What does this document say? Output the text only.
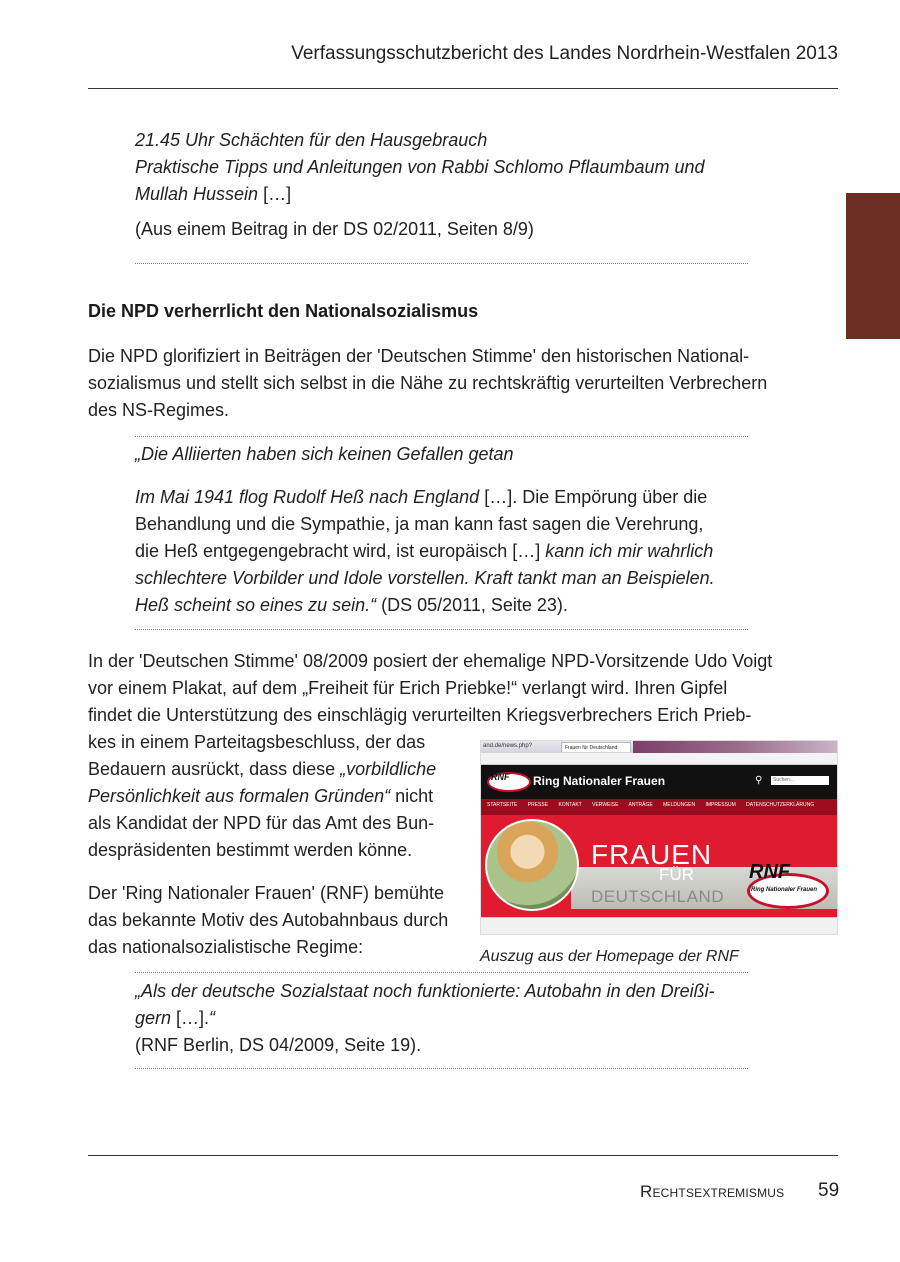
Verfassungsschutzbericht des Landes Nordrhein-Westfalen 2013
21.45 Uhr Schächten für den Hausgebrauch
Praktische Tipps und Anleitungen von Rabbi Schlomo Pflaumbaum und
Mullah Hussein […]
(Aus einem Beitrag in der DS 02/2011, Seiten 8/9)
Die NPD verherrlicht den Nationalsozialismus
Die NPD glorifiziert in Beiträgen der 'Deutschen Stimme' den historischen National-
sozialismus und stellt sich selbst in die Nähe zu rechtskräftig verurteilten Verbrechern
des NS-Regimes.
„Die Alliierten haben sich keinen Gefallen getan
Im Mai 1941 flog Rudolf Heß nach England […]. Die Empörung über die
Behandlung und die Sympathie, ja man kann fast sagen die Verehrung,
die Heß entgegengebracht wird, ist europäisch […] kann ich mir wahrlich
schlechtere Vorbilder und Idole vorstellen. Kraft tankt man an Beispielen.
Heß scheint so eines zu sein.“ (DS 05/2011, Seite 23).
In der 'Deutschen Stimme' 08/2009 posiert der ehemalige NPD-Vorsitzende Udo Voigt
vor einem Plakat, auf dem „Freiheit für Erich Priebke!“ verlangt wird. Ihren Gipfel
findet die Unterstützung des einschlägig verurteilten Kriegsverbrechers Erich Prieb-
kes in einem Parteitagsbeschluss, der das
Bedauern ausrückt, dass diese „vorbildliche
Persönlichkeit aus formalen Gründen“ nicht
als Kandidat der NPD für das Amt des Bun-
despräsidenten bestimmt werden könne.
Der 'Ring Nationaler Frauen' (RNF) bemühte
das bekannte Motiv des Autobahnbaus durch
das nationalsozialistische Regime:
and.de/news.php?	Frauen für Deutschland
RNF Ring Nationaler Frauen	⚲	Suchen...
STARTSEITE PRESSE KONTAKT VERWEISE ANTRÄGE MELDUNGEN IMPRESSUM DATENSCHUTZERKLÄRUNG
FRAUEN
FÜR
DEUTSCHLAND
RNF
Ring Nationaler Frauen
Auszug aus der Homepage der RNF
„Als der deutsche Sozialstaat noch funktionierte: Autobahn in den Dreißi-
gern […].“
(RNF Berlin, DS 04/2009, Seite 19).
Rechtsextremismus 59
